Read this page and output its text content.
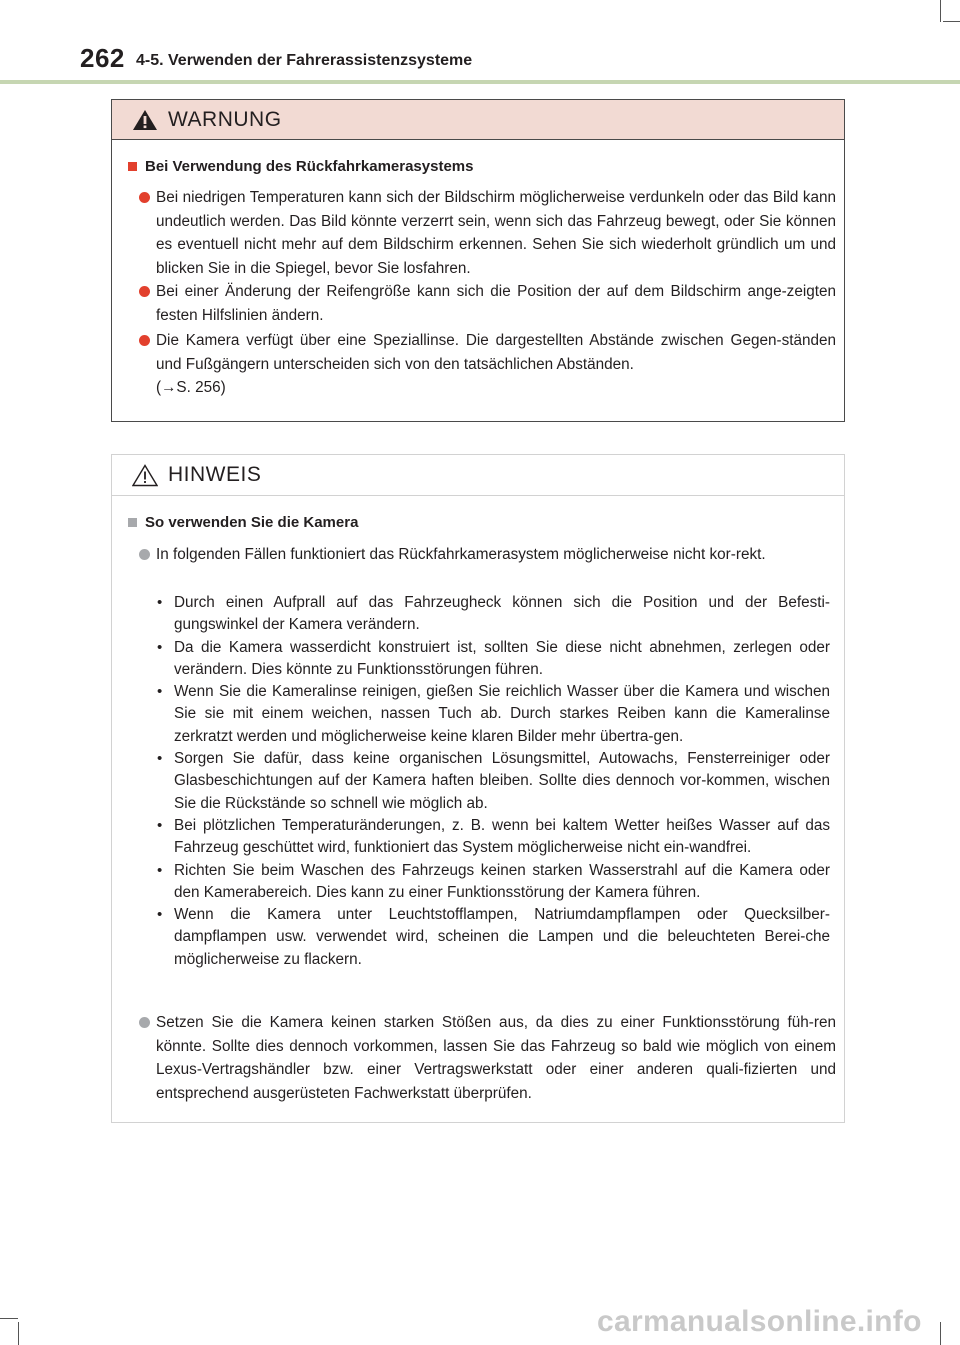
262 4-5. Verwenden der Fahrerassistenzsysteme
WARNUNG
Bei Verwendung des Rückfahrkamerasystems
Bei niedrigen Temperaturen kann sich der Bildschirm möglicherweise verdunkeln oder das Bild kann undeutlich werden. Das Bild könnte verzerrt sein, wenn sich das Fahrzeug bewegt, oder Sie können es eventuell nicht mehr auf dem Bildschirm erkennen. Sehen Sie sich wiederholt gründlich um und blicken Sie in die Spiegel, bevor Sie losfahren.
Bei einer Änderung der Reifengröße kann sich die Position der auf dem Bildschirm ange-zeigten festen Hilfslinien ändern.
Die Kamera verfügt über eine Speziallinse. Die dargestellten Abstände zwischen Gegen-ständen und Fußgängern unterscheiden sich von den tatsächlichen Abständen.
(→S. 256)
HINWEIS
So verwenden Sie die Kamera
In folgenden Fällen funktioniert das Rückfahrkamerasystem möglicherweise nicht kor-rekt.
• Durch einen Aufprall auf das Fahrzeugheck können sich die Position und der Befesti-gungswinkel der Kamera verändern.
• Da die Kamera wasserdicht konstruiert ist, sollten Sie diese nicht abnehmen, zerlegen oder verändern. Dies könnte zu Funktionsstörungen führen.
• Wenn Sie die Kameralinse reinigen, gießen Sie reichlich Wasser über die Kamera und wischen Sie sie mit einem weichen, nassen Tuch ab. Durch starkes Reiben kann die Kameralinse zerkratzt werden und möglicherweise keine klaren Bilder mehr übertra-gen.
• Sorgen Sie dafür, dass keine organischen Lösungsmittel, Autowachs, Fensterreiniger oder Glasbeschichtungen auf der Kamera haften bleiben. Sollte dies dennoch vor-kommen, wischen Sie die Rückstände so schnell wie möglich ab.
• Bei plötzlichen Temperaturänderungen, z. B. wenn bei kaltem Wetter heißes Wasser auf das Fahrzeug geschüttet wird, funktioniert das System möglicherweise nicht ein-wandfrei.
• Richten Sie beim Waschen des Fahrzeugs keinen starken Wasserstrahl auf die Kamera oder den Kamerabereich. Dies kann zu einer Funktionsstörung der Kamera führen.
• Wenn die Kamera unter Leuchtstofflampen, Natriumdampflampen oder Quecksilber-dampflampen usw. verwendet wird, scheinen die Lampen und die beleuchteten Berei-che möglicherweise zu flackern.
Setzen Sie die Kamera keinen starken Stößen aus, da dies zu einer Funktionsstörung füh-ren könnte. Sollte dies dennoch vorkommen, lassen Sie das Fahrzeug so bald wie möglich von einem Lexus-Vertragshändler bzw. einer Vertragswerkstatt oder einer anderen quali-fizierten und entsprechend ausgerüsteten Fachwerkstatt überprüfen.
carmanualsonline.info
